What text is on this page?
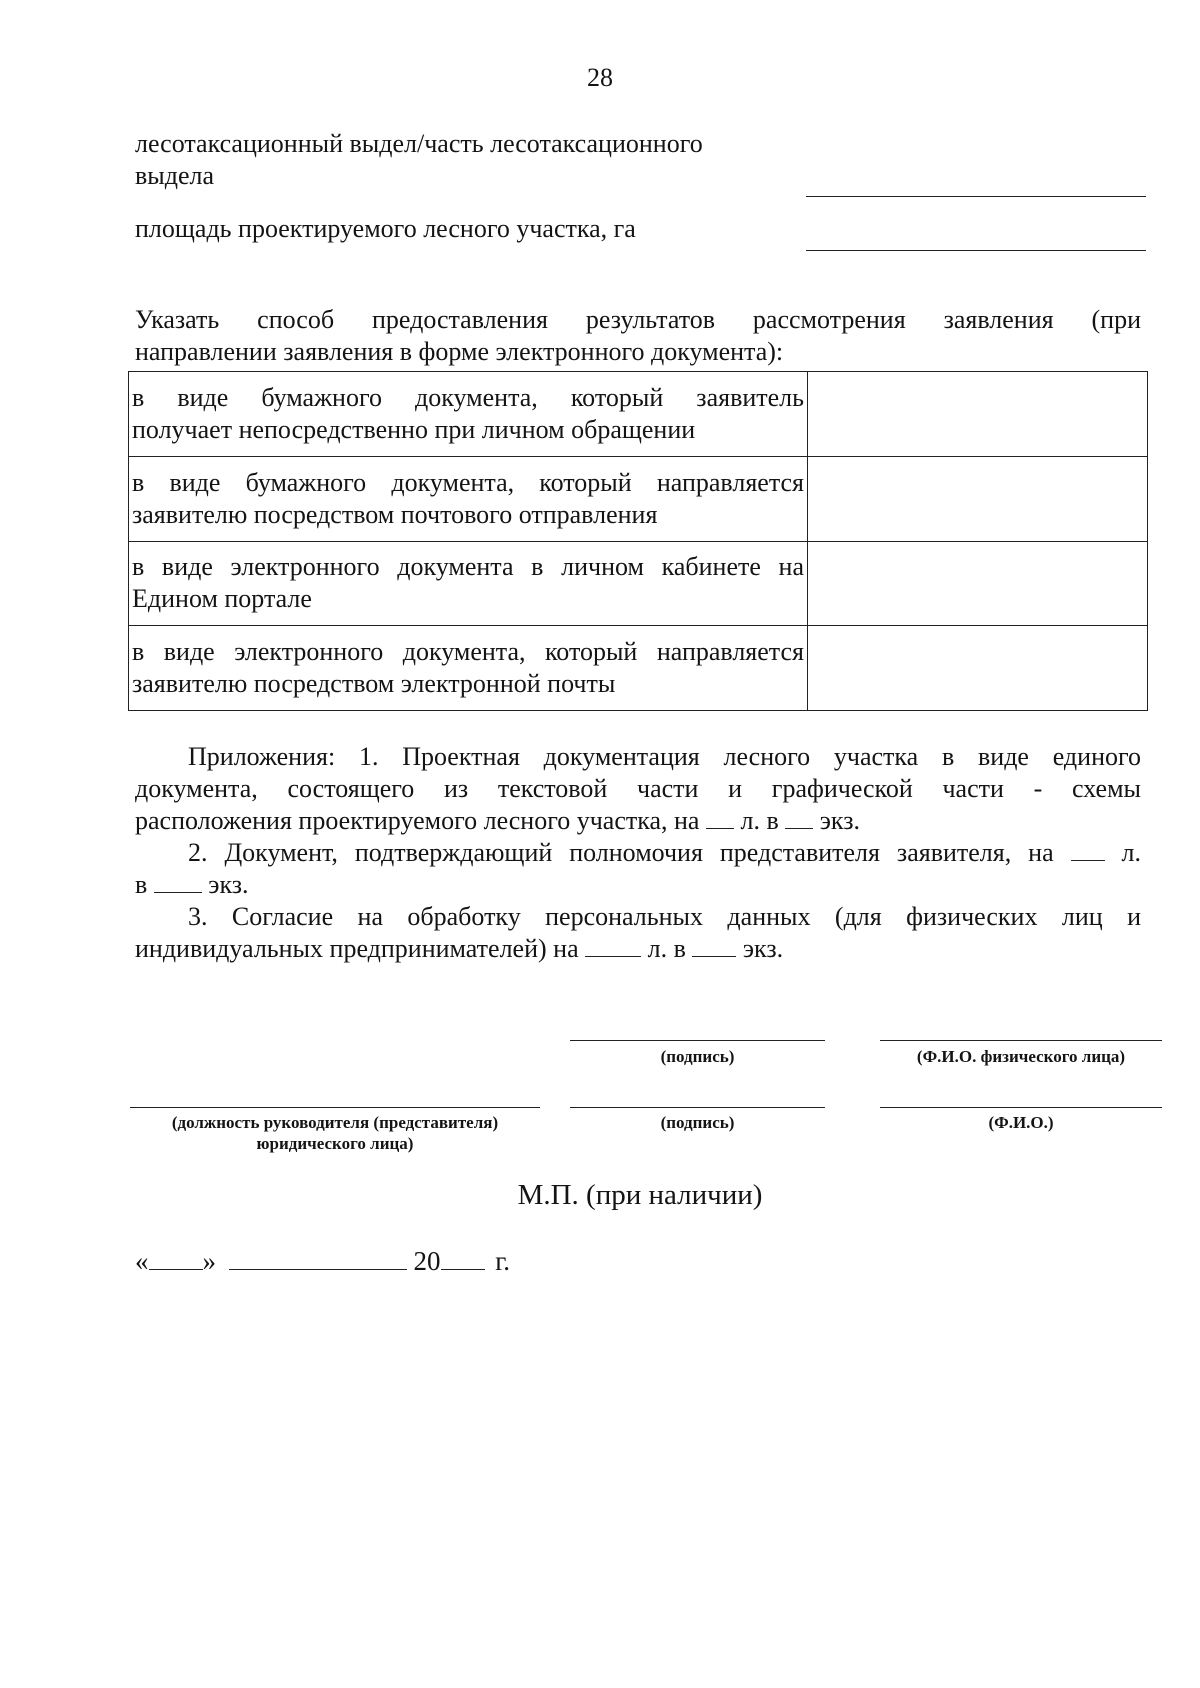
28
лесотаксационный выдел/часть лесотаксационного
выдела
площадь проектируемого лесного участка, га
Указать способ предоставления результатов рассмотрения заявления (при
направлении заявления в форме электронного документа):
в виде бумажного документа, который заявитель
получает непосредственно при личном обращении	

в виде бумажного документа, который направляется
заявителю посредством почтового отправления	

в виде электронного документа в личном кабинете на
Едином портале	

в виде электронного документа, который направляется
заявителю посредством электронной почты	
Приложения: 1. Проектная документация лесного участка в виде единого
документа, состоящего из текстовой части и графической части - схемы
расположения проектируемого лесного участка, на л. в экз.
2. Документ, подтверждающий полномочия представителя заявителя, на	л.
в экз.
3. Согласие на обработку персональных данных (для физических лиц и
индивидуальных предпринимателей) на	л. в экз.
(подпись)	(Ф.И.О. физического лица)
(должность руководителя (представителя)
юридического лица)
(подпись)	(Ф.И.О.)
М.П. (при наличии)
« »	20 г.
